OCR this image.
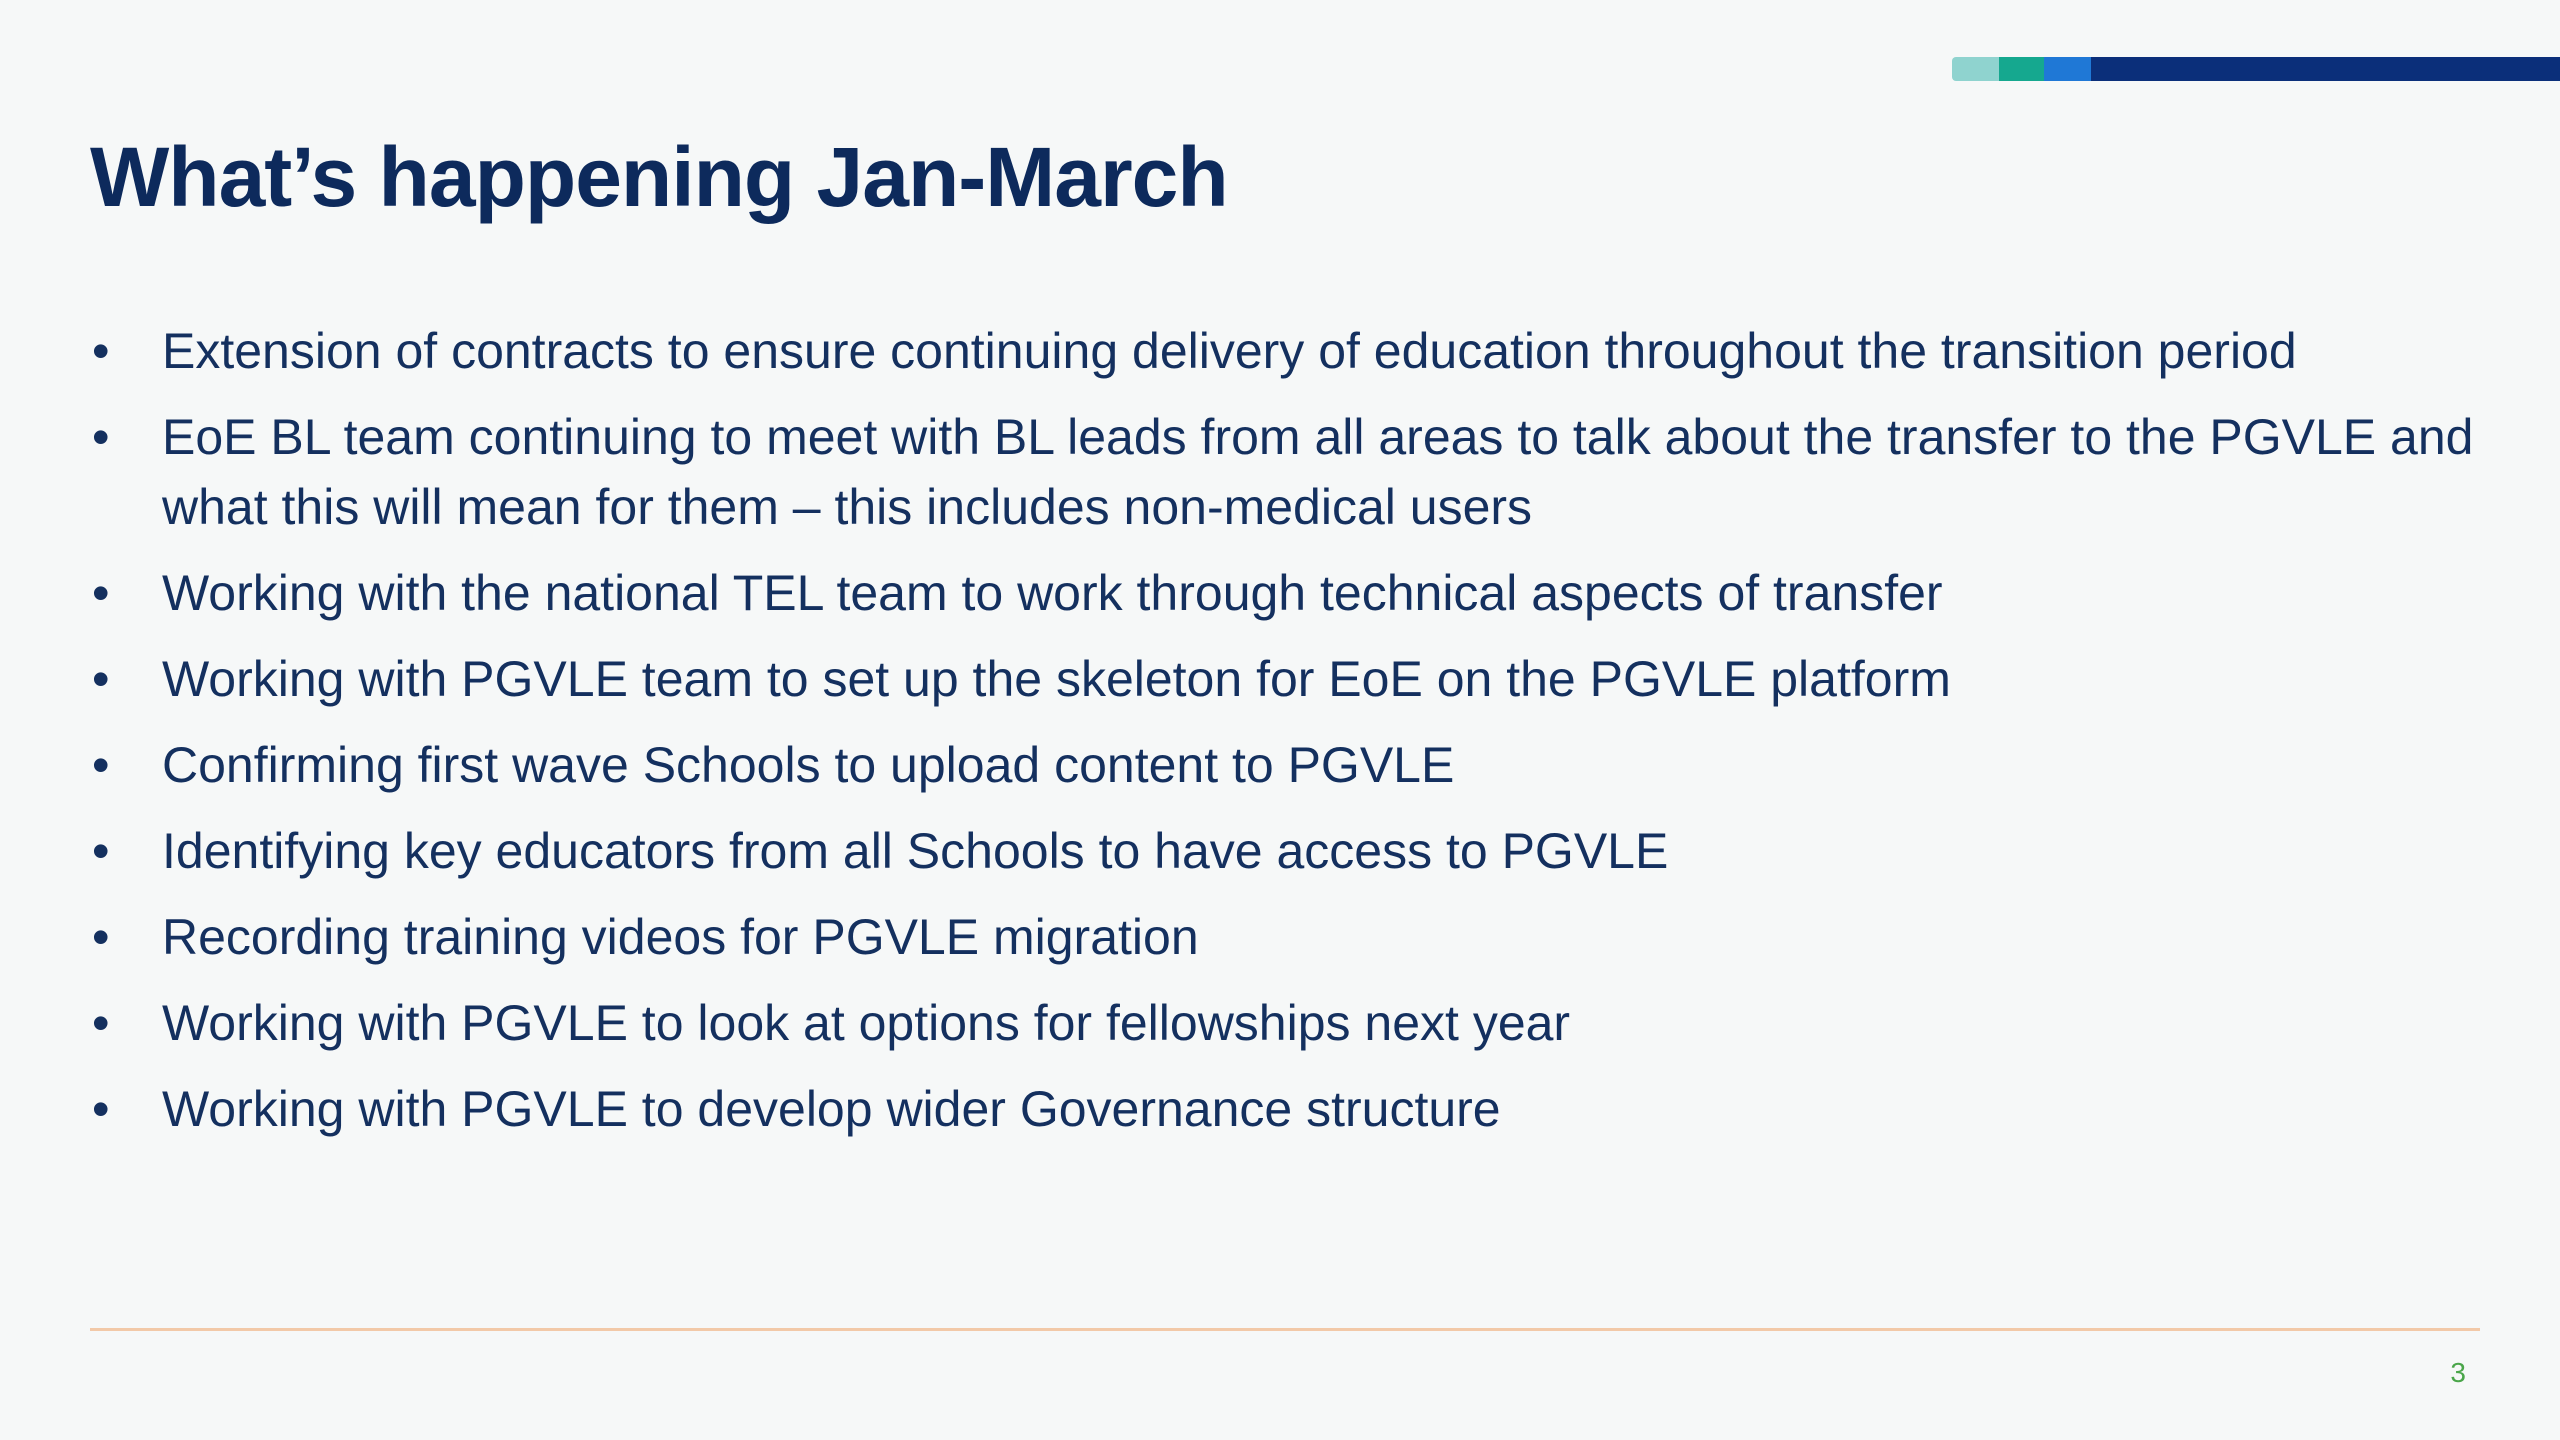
What’s happening Jan-March
• Extension of contracts to ensure continuing delivery of education throughout the transition period
• EoE BL team continuing to meet with BL leads from all areas to talk about the transfer to the PGVLE and what this will mean for them – this includes non-medical users
• Working with the national TEL team to work through technical aspects of transfer
• Working with PGVLE team to set up the skeleton for EoE on the PGVLE platform
• Confirming first wave Schools to upload content to PGVLE
• Identifying key educators from all Schools to have access to PGVLE
• Recording training videos for PGVLE migration
• Working with PGVLE to look at options for fellowships next year
• Working with PGVLE to develop wider Governance structure
3
